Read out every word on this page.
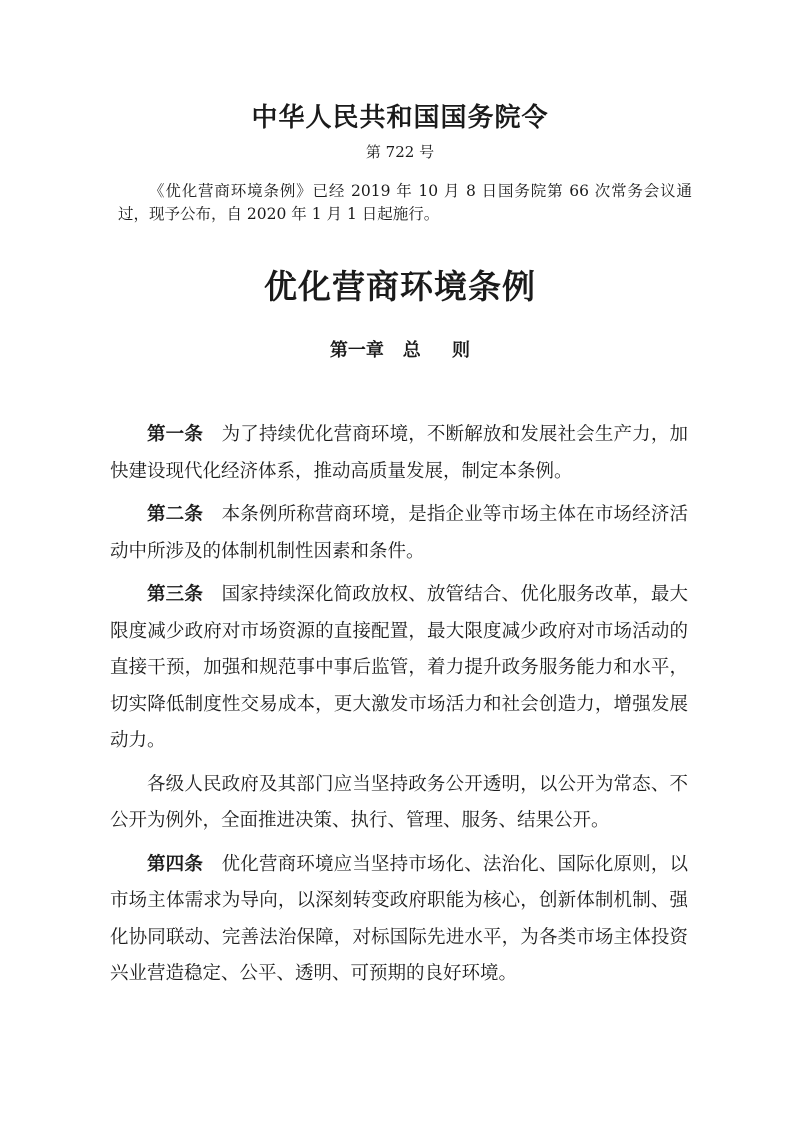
中华人民共和国国务院令
第 722 号
《优化营商环境条例》已经 2019 年 10 月 8 日国务院第 66 次常务会议通过，现予公布，自 2020 年 1 月 1 日起施行。
优化营商环境条例
第一章   总     则

第一条  为了持续优化营商环境，不断解放和发展社会生产力，加快建设现代化经济体系，推动高质量发展，制定本条例。

第二条  本条例所称营商环境，是指企业等市场主体在市场经济活动中所涉及的体制机制性因素和条件。

第三条  国家持续深化简政放权、放管结合、优化服务改革，最大限度减少政府对市场资源的直接配置，最大限度减少政府对市场活动的直接干预，加强和规范事中事后监管，着力提升政务服务能力和水平，切实降低制度性交易成本，更大激发市场活力和社会创造力，增强发展动力。

各级人民政府及其部门应当坚持政务公开透明，以公开为常态、不公开为例外，全面推进决策、执行、管理、服务、结果公开。

第四条  优化营商环境应当坚持市场化、法治化、国际化原则，以市场主体需求为导向，以深刻转变政府职能为核心，创新体制机制、强化协同联动、完善法治保障，对标国际先进水平，为各类市场主体投资兴业营造稳定、公平、透明、可预期的良好环境。
